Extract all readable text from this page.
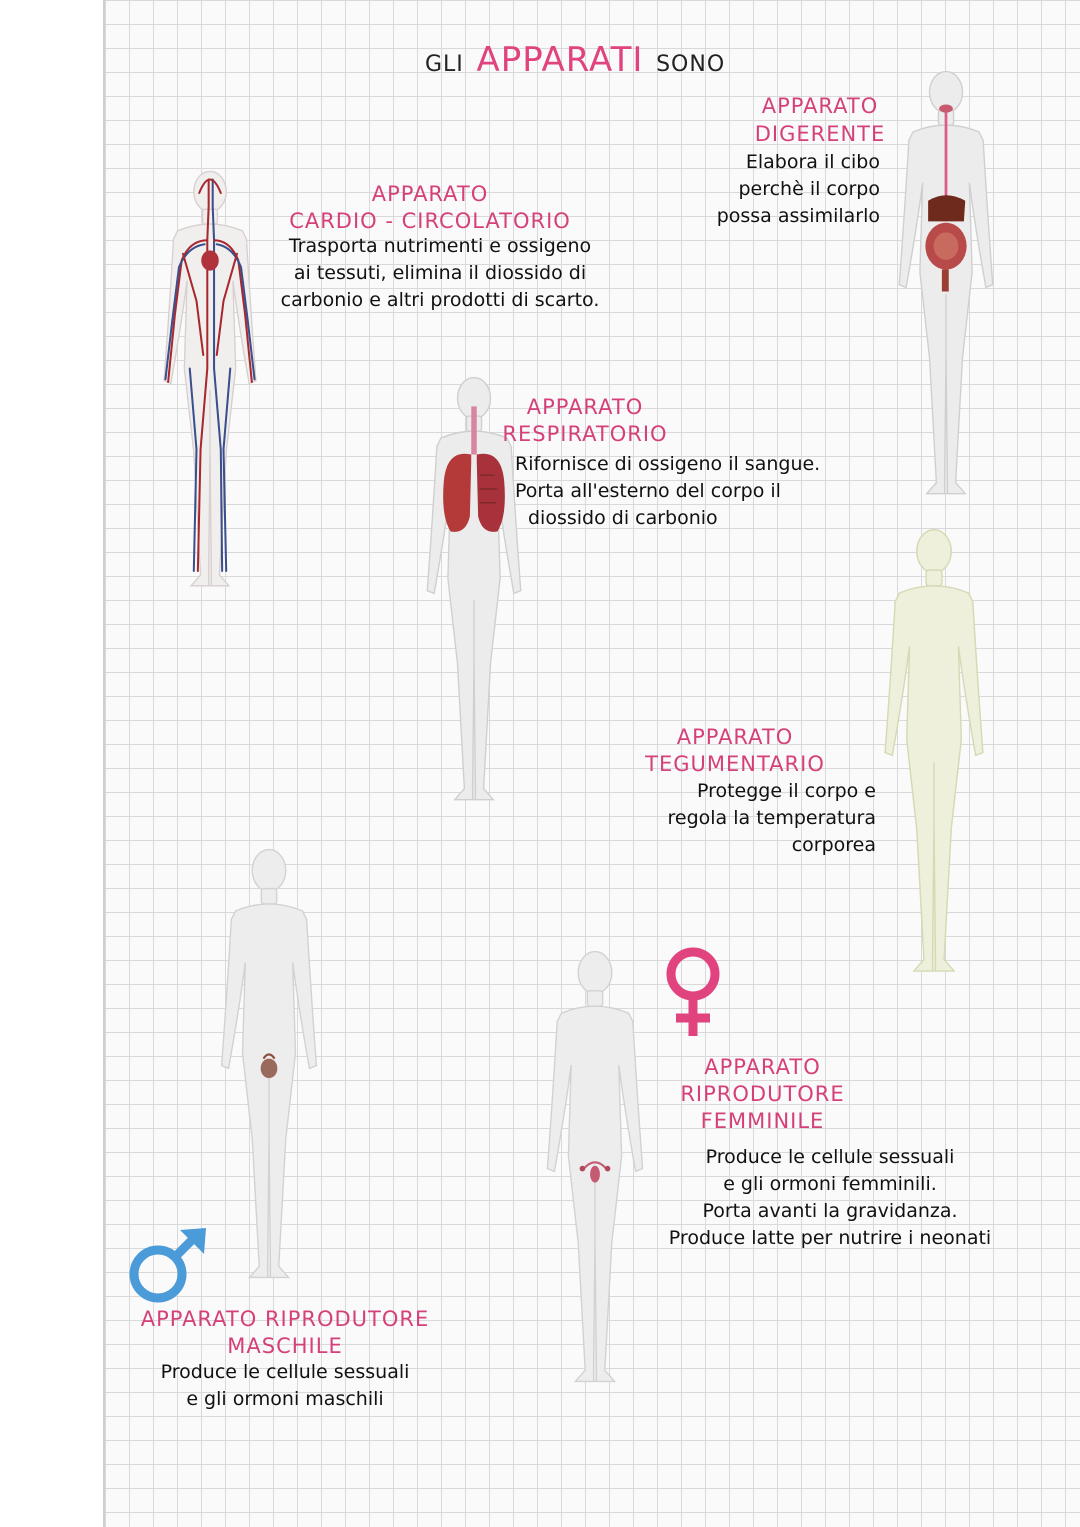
GLI APPARATI SONO
APPARATO
CARDIO - CIRCOLATORIO
Trasporta nutrimenti e ossigeno
ai tessuti, elimina il diossido di
carbonio e altri prodotti di scarto.
APPARATO
DIGERENTE
Elabora il cibo
perchè il corpo
possa assimilarlo
APPARATO
RESPIRATORIO
Rifornisce di ossigeno il sangue.
Porta all'esterno del corpo il
diossido di carbonio
APPARATO
TEGUMENTARIO
Protegge il corpo e
regola la temperatura
corporea
APPARATO RIPRODUTORE
MASCHILE
Produce le cellule sessuali
e gli ormoni maschili
APPARATO
RIPRODUTORE
FEMMINILE
Produce le cellule sessuali
e gli ormoni femminili.
Porta avanti la gravidanza.
Produce latte per nutrire i neonati
